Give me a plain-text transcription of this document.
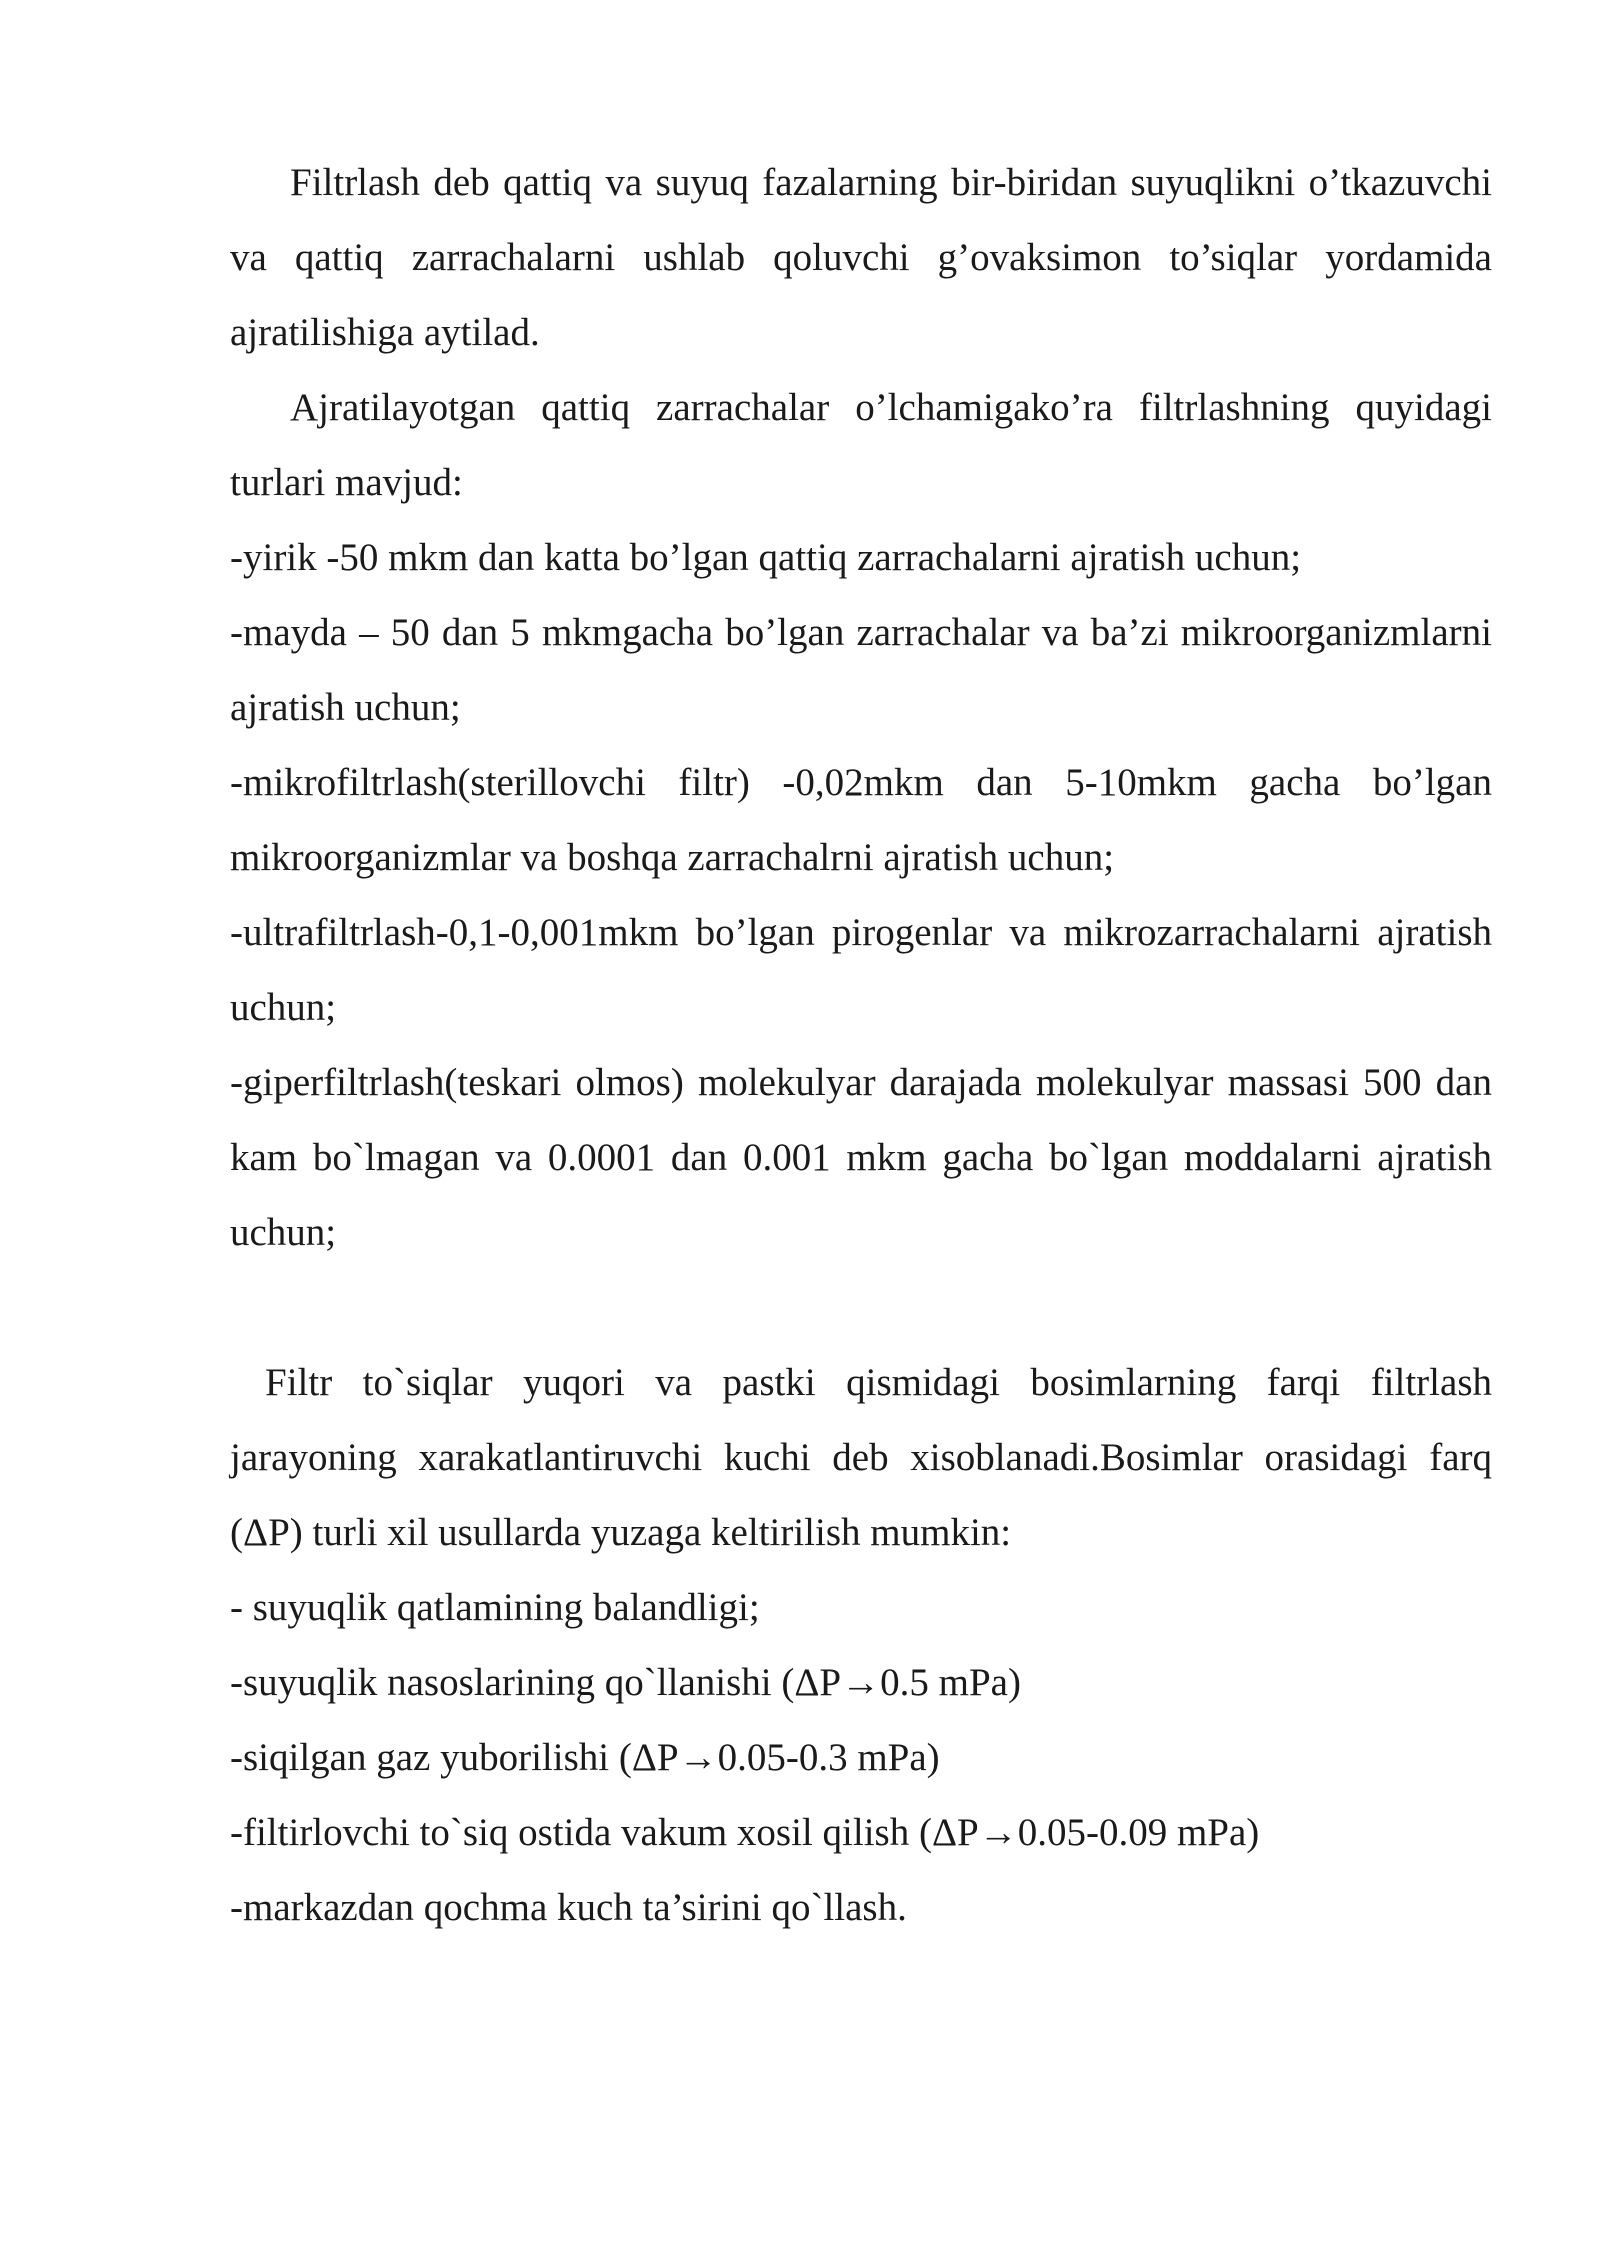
Filtrlash deb qattiq va suyuq fazalarning bir-biridan suyuqlikni o’tkazuvchi va qattiq zarrachalarni ushlab qoluvchi g’ovaksimon to’siqlar yordamida ajratilishiga aytilad.

Ajratilayotgan qattiq zarrachalar o’lchamigako’ra filtrlashning quyidagi turlari mavjud:

-yirik -50 mkm dan katta bo’lgan qattiq zarrachalarni ajratish uchun;

-mayda – 50 dan 5 mkmgacha bo’lgan zarrachalar va ba’zi mikroorganizmlarni ajratish uchun;

-mikrofiltrlash(sterillovchi filtr) -0,02mkm dan 5-10mkm gacha bo’lgan mikroorganizmlar va boshqa zarrachalrni ajratish uchun;

-ultrafiltrlash-0,1-0,001mkm bo’lgan pirogenlar va mikrozarrachalarni ajratish uchun;

-giperfiltrlash(teskari olmos) molekulyar darajada molekulyar massasi 500 dan kam bo`lmagan va 0.0001 dan 0.001 mkm gacha bo`lgan moddalarni ajratish uchun;

Filtr to`siqlar yuqori va pastki qismidagi bosimlarning farqi filtrlash jarayoning xarakatlantiruvchi kuchi deb xisoblanadi.Bosimlar orasidagi farq (ΔP) turli xil usullarda yuzaga keltirilish mumkin:

- suyuqlik qatlamining balandligi;

-suyuqlik nasoslarining qo`llanishi (ΔP→0.5 mPa)

-siqilgan gaz yuborilishi (ΔP→0.05-0.3 mPa)

-filtirlovchi to`siq ostida vakum xosil qilish (ΔP→0.05-0.09 mPa)

-markazdan qochma kuch ta’sirini qo`llash.
